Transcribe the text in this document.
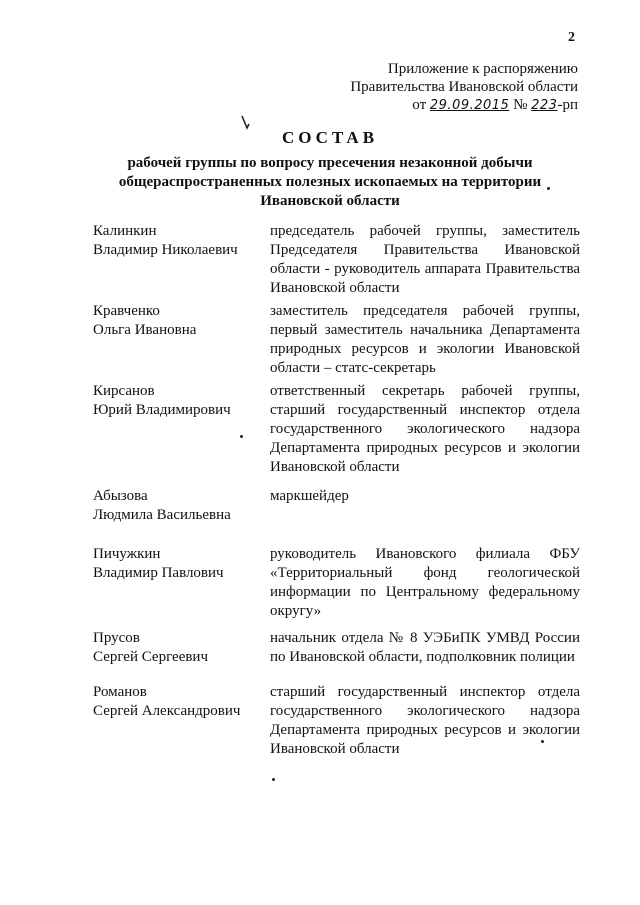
2
Приложение к распоряжению
Правительства Ивановской области
от 29.09.2015 № 223-рп
СОСТАВ
рабочей группы по вопросу пресечения незаконной добычи
общераспространенных полезных ископаемых на территории
Ивановской области
Калинкин
Владимир Николаевич
председатель рабочей группы, заместитель Председателя Правительства Ивановской области - руководитель аппарата Правительства Ивановской области
Кравченко
Ольга Ивановна
заместитель председателя рабочей группы, первый заместитель начальника Департамента природных ресурсов и экологии Ивановской области – статс-секретарь
Кирсанов
Юрий Владимирович
ответственный секретарь рабочей группы, старший государственный инспектор отдела государственного экологического надзора Департамента природных ресурсов и экологии Ивановской области
Абызова
Людмила Васильевна
маркшейдер
Пичужкин
Владимир Павлович
руководитель Ивановского филиала ФБУ «Территориальный фонд геологической информации по Центральному федеральному округу»
Прусов
Сергей Сергеевич
начальник отдела № 8 УЭБиПК УМВД России по Ивановской области, подполковник полиции
Романов
Сергей Александрович
старший государственный инспектор отдела государственного экологического надзора Департамента природных ресурсов и экологии Ивановской области
